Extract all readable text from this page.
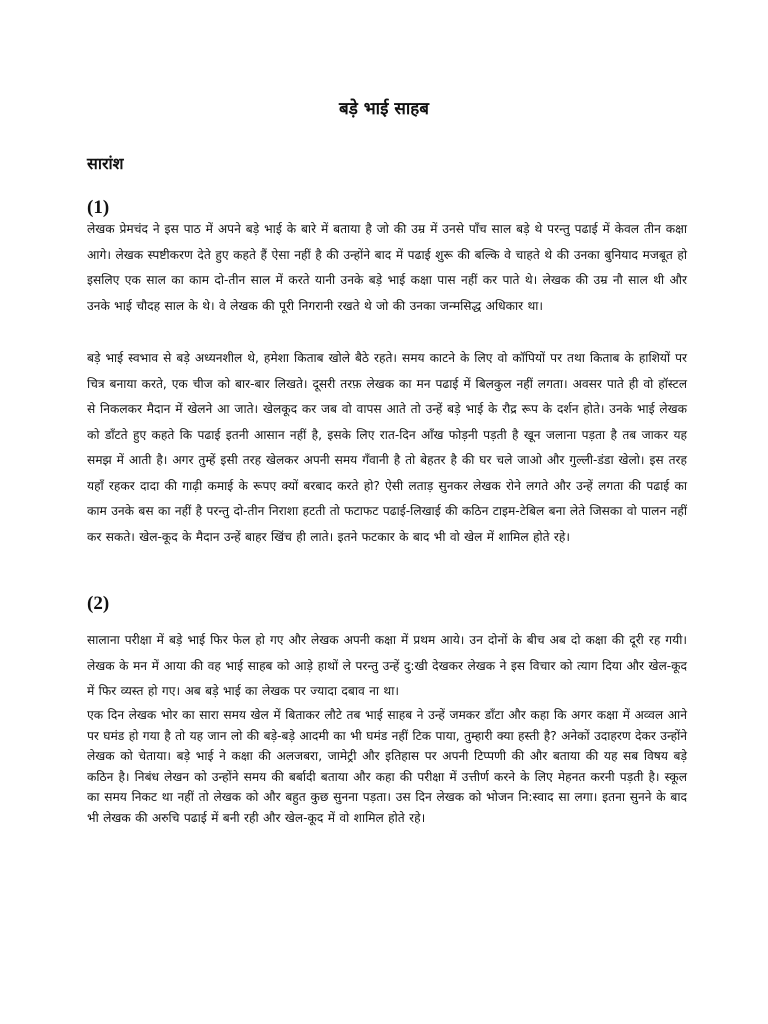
बड़े भाई साहब
सारांश
(1)

लेखक प्रेमचंद ने इस पाठ में अपने बड़े भाई के बारे में बताया है जो की उम्र में उनसे पाँच साल बड़े थे परन्तु पढाई में केवल तीन कक्षा आगे। लेखक स्पष्टीकरण देते हुए कहते हैं ऐसा नहीं है की उन्होंने बाद में पढाई शुरू की बल्कि वे चाहते थे की उनका बुनियाद मजबूत हो इसलिए एक साल का काम दो-तीन साल में करते यानी उनके बड़े भाई कक्षा पास नहीं कर पाते थे। लेखक की उम्र नौ साल थी और उनके भाई चौदह साल के थे। वे लेखक की पूरी निगरानी रखते थे जो की उनका जन्मसिद्ध अधिकार था।

बड़े भाई स्वभाव से बड़े अध्यनशील थे, हमेशा किताब खोले बैठे रहते। समय काटने के लिए वो कॉपियों पर तथा किताब के हाशियों पर चित्र बनाया करते, एक चीज को बार-बार लिखते। दूसरी तरफ़ लेखक का मन पढाई में बिलकुल नहीं लगता। अवसर पाते ही वो हॉस्टल से निकलकर मैदान में खेलने आ जाते। खेलकूद कर जब वो वापस आते तो उन्हें बड़े भाई के रौद्र रूप के दर्शन होते। उनके भाई लेखक को डाँटते हुए कहते कि पढाई इतनी आसान नहीं है, इसके लिए रात-दिन आँख फोड़नी पड़ती है खून जलाना पड़ता है तब जाकर यह समझ में आती है। अगर तुम्हें इसी तरह खेलकर अपनी समय गँवानी है तो बेहतर है की घर चले जाओ और गुल्ली-डंडा खेलो। इस तरह यहाँ रहकर दादा की गाढ़ी कमाई के रूपए क्यों बरबाद करते हो? ऐसी लताड़ सुनकर लेखक रोने लगते और उन्हें लगता की पढाई का काम उनके बस का नहीं है परन्तु दो-तीन निराशा हटती तो फटाफट पढाई-लिखाई की कठिन टाइम-टेबिल बना लेते जिसका वो पालन नहीं कर सकते। खेल-कूद के मैदान उन्हें बाहर खिंच ही लाते। इतने फटकार के बाद भी वो खेल में शामिल होते रहे।

(2)

सालाना परीक्षा में बड़े भाई फिर फेल हो गए और लेखक अपनी कक्षा में प्रथम आये। उन दोनों के बीच अब दो कक्षा की दूरी रह गयी। लेखक के मन में आया की वह भाई साहब को आड़े हाथों ले परन्तु उन्हें दु:खी देखकर लेखक ने इस विचार को त्याग दिया और खेल-कूद में फिर व्यस्त हो गए। अब बड़े भाई का लेखक पर ज्यादा दबाव ना था।

एक दिन लेखक भोर का सारा समय खेल में बिताकर लौटे तब भाई साहब ने उन्हें जमकर डाँटा और कहा कि अगर कक्षा में अव्वल आने पर घमंड हो गया है तो यह जान लो की बड़े-बड़े आदमी का भी घमंड नहीं टिक पाया, तुम्हारी क्या हस्ती है? अनेकों उदाहरण देकर उन्होंने लेखक को चेताया। बड़े भाई ने कक्षा की अलजबरा, जामेट्री और इतिहास पर अपनी टिप्पणी की और बताया की यह सब विषय बड़े कठिन है। निबंध लेखन को उन्होंने समय की बर्बादी बताया और कहा की परीक्षा में उत्तीर्ण करने के लिए मेहनत करनी पड़ती है। स्कूल का समय निकट था नहीं तो लेखक को और बहुत कुछ सुनना पड़ता। उस दिन लेखक को भोजन नि:स्वाद सा लगा। इतना सुनने के बाद भी लेखक की अरुचि पढाई में बनी रही और खेल-कूद में वो शामिल होते रहे।
